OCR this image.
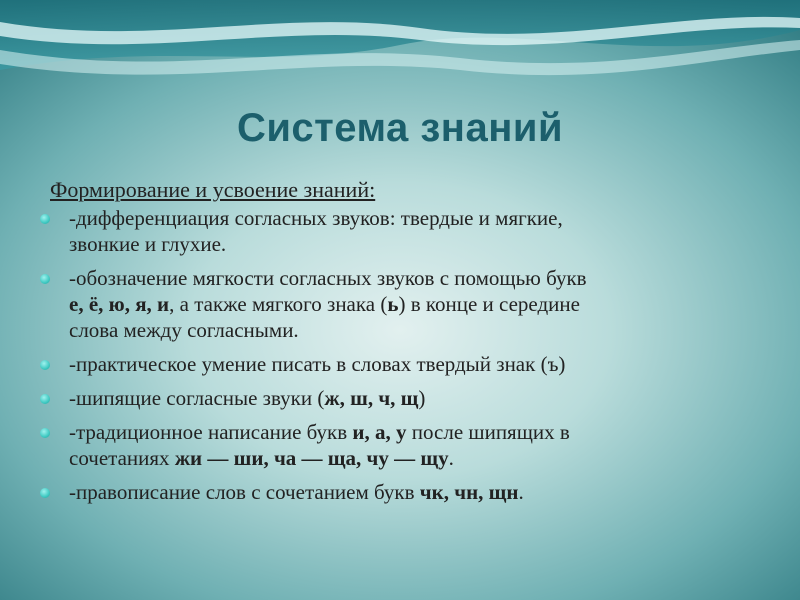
Система знаний
Формирование и усвоение знаний:
-дифференциация согласных звуков: твердые и мягкие,
звонкие и глухие.
-обозначение мягкости согласных звуков с помощью букв
е, ё, ю, я, и, а также мягкого знака (ь) в конце и середине
слова между согласными.
-практическое умение писать в словах твердый знак (ъ)
-шипящие согласные звуки (ж, ш, ч, щ)
-традиционное написание букв и, а, у после шипящих в
сочетаниях жи — ши, ча — ща, чу — щу.
-правописание слов с сочетанием букв чк, чн, щн.
